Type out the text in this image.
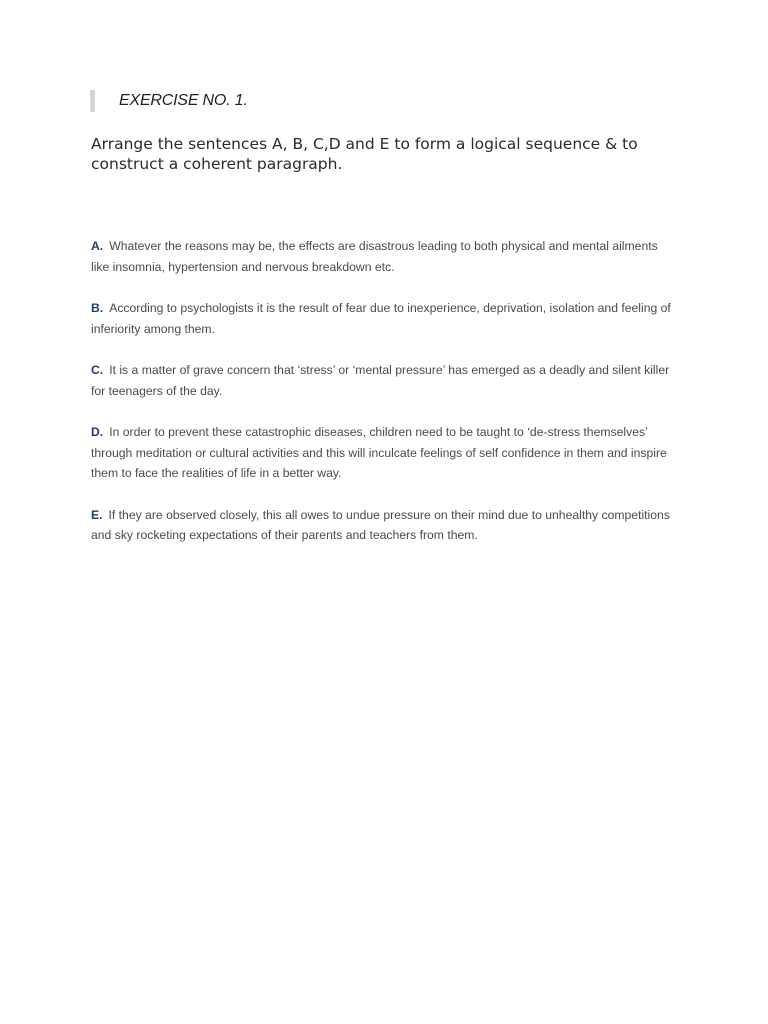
EXERCISE NO. 1.

Arrange the sentences A, B, C,D and E to form a logical sequence & to construct a coherent paragraph.

A. Whatever the reasons may be, the effects are disastrous leading to both physical and mental ailments like insomnia, hypertension and nervous breakdown etc.
B. According to psychologists it is the result of fear due to inexperience, deprivation, isolation and feeling of inferiority among them.
C. It is a matter of grave concern that ‘stress’ or ‘mental pressure’ has emerged as a deadly and silent killer for teenagers of the day.
D. In order to prevent these catastrophic diseases, children need to be taught to ‘de-stress themselves’ through meditation or cultural activities and this will inculcate feelings of self confidence in them and inspire them to face the realities of life in a better way.
E. If they are observed closely, this all owes to undue pressure on their mind due to unhealthy competitions and sky rocketing expectations of their parents and teachers from them.
